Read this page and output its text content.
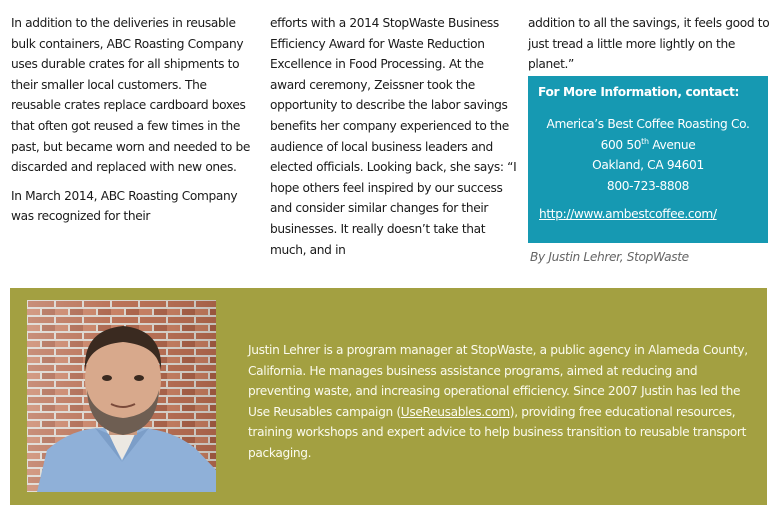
In addition to the deliveries in reusable bulk containers, ABC Roasting Company uses durable crates for all shipments to their smaller local customers. The reusable crates replace cardboard boxes that often got reused a few times in the past, but became worn and needed to be discarded and replaced with new ones.

In March 2014, ABC Roasting Company was recognized for their

efforts with a 2014 StopWaste Business Efficiency Award for Waste Reduction Excellence in Food Processing. At the award ceremony, Zeissner took the opportunity to describe the labor savings benefits her company experienced to the audience of local business leaders and elected officials. Looking back, she says: “I hope others feel inspired by our success and consider similar changes for their businesses. It really doesn’t take that much, and in

addition to all the savings, it feels good to just tread a little more lightly on the planet.”

For More Information, contact:
America’s Best Coffee Roasting Co.
600 50th Avenue
Oakland, CA 94601
800-723-8808
http://www.ambestcoffee.com/
By Justin Lehrer, StopWaste
Justin Lehrer is a program manager at StopWaste, a public agency in Alameda County, California. He manages business assistance programs, aimed at reducing and preventing waste, and increasing operational efficiency. Since 2007 Justin has led the Use Reusables campaign (UseReusables.com), providing free educational resources, training workshops and expert advice to help business transition to reusable transport packaging.
